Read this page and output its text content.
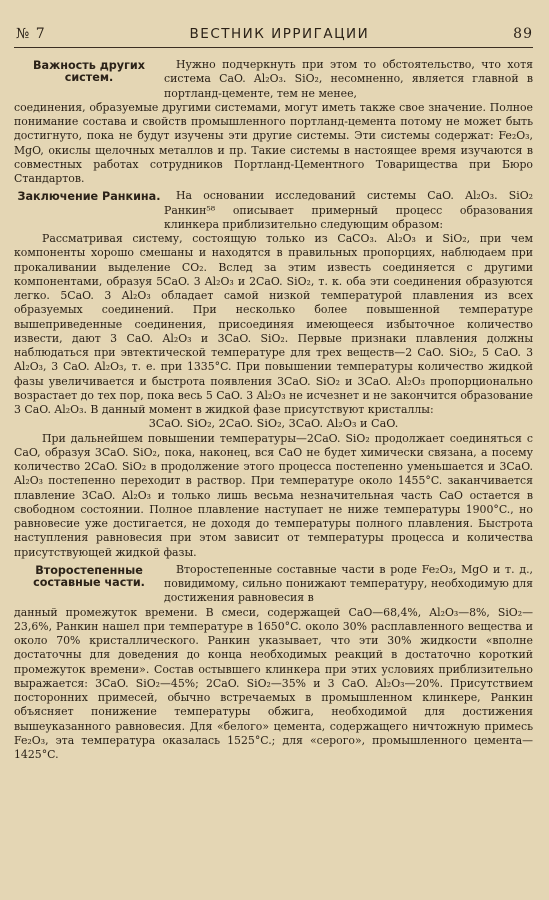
№ 7	ВЕСТНИК ИРРИГАЦИИ	89
Важность других систем.

Нужно подчеркнуть при этом то обстоятельство, что хотя система CaO. Al₂O₃. SiO₂, несомненно, является главной в портланд-цементе, тем не менее,

соединения, образуемые другими системами, могут иметь также свое значение. Полное понимание состава и свойств промышленного портланд-цемента потому не может быть достигнуто, пока не будут изучены эти другие системы. Эти системы содержат: Fe₂O₃, MgO, окислы щелочных металлов и пр. Такие системы в настоящее время изучаются в совместных работах сотрудников Портланд-Цементного Товарищества при Бюро Стандартов.

Заключение Ранкина.	На основании исследований системы CaO. Al₂O₃. SiO₂ Ранкин⁵⁸ описывает примерный процесс образования клинкера приблизительно следующим образом:

Рассматривая систему, состоящую только из CaCO₃. Al₂O₃ и SiO₂, при чем компоненты хорошо смешаны и находятся в правильных пропорциях, наблюдаем при прокаливании выделение CO₂. Вслед за этим известь соединяется с другими компонентами, образуя 5CaO. 3 Al₂O₃ и 2CaO. SiO₂, т. к. оба эти соединения образуются легко. 5CaO. 3 Al₂O₃ обладает самой низкой температурой плавления из всех образуемых соединений. При несколько более повышенной температуре вышеприведенные соединения, присоединяя имеющееся избыточное количество извести, дают 3 CaO. Al₂O₃ и 3CaO. SiO₂. Первые признаки плавления должны наблюдаться при эвтектической температуре для трех веществ—2 CaO. SiO₂, 5 CaO. 3 Al₂O₃, 3 CaO. Al₂O₃, т. е. при 1335°C. При повышении температуры количество жидкой фазы увеличивается и быстрота появления 3CaO. SiO₂ и 3CaO. Al₂O₃ пропорционально возрастает до тех пор, пока весь 5 CaO. 3 Al₂O₃ не исчезнет и не закончится образование 3 CaO. Al₂O₃. В данный момент в жидкой фазе присутствуют кристаллы:

3CaO. SiO₂, 2CaO. SiO₂, 3CaO. Al₂O₃ и CaO.

При дальнейшем повышении температуры—2CaO. SiO₂ продолжает соединяться с CaO, образуя 3CaO. SiO₂, пока, наконец, вся CaO не будет химически связана, а посему количество 2CaO. SiO₂ в продолжение этого процесса постепенно уменьшается и 3CaO. Al₂O₃ постепенно переходит в раствор. При температуре около 1455°C. заканчивается плавление 3CaO. Al₂O₃ и только лишь весьма незначительная часть CaO остается в свободном состоянии. Полное плавление наступает не ниже температуры 1900°C., но равновесие уже достигается, не доходя до температуры полного плавления. Быстрота наступления равновесия при этом зависит от температуры процесса и количества присутствующей жидкой фазы.

Второстепенные составные части.

Второстепенные составные части в роде Fe₂O₃, MgO и т. д., повидимому, сильно понижают температуру, необходимую для достижения равновесия в

данный промежуток времени. В смеси, содержащей CaO—68,4%, Al₂O₃—8%, SiO₂—23,6%, Ранкин нашел при температуре в 1650°C. около 30% расплавленного вещества и около 70% кристаллического. Ранкин указывает, что эти 30% жидкости «вполне достаточны для доведения до конца необходимых реакций в достаточно короткий промежуток времени». Состав остывшего клинкера при этих условиях приблизительно выражается: 3CaO. SiO₂—45%; 2CaO. SiO₂—35% и 3 CaO. Al₂O₃—20%. Присутствием посторонних примесей, обычно встречаемых в промышленном клинкере, Ранкин объясняет понижение температуры обжига, необходимой для достижения вышеуказанного равновесия. Для «белого» цемента, содержащего ничтожную примесь Fe₂O₃, эта температура оказалась 1525°C.; для «серого», промышленного цемента—1425°C.
